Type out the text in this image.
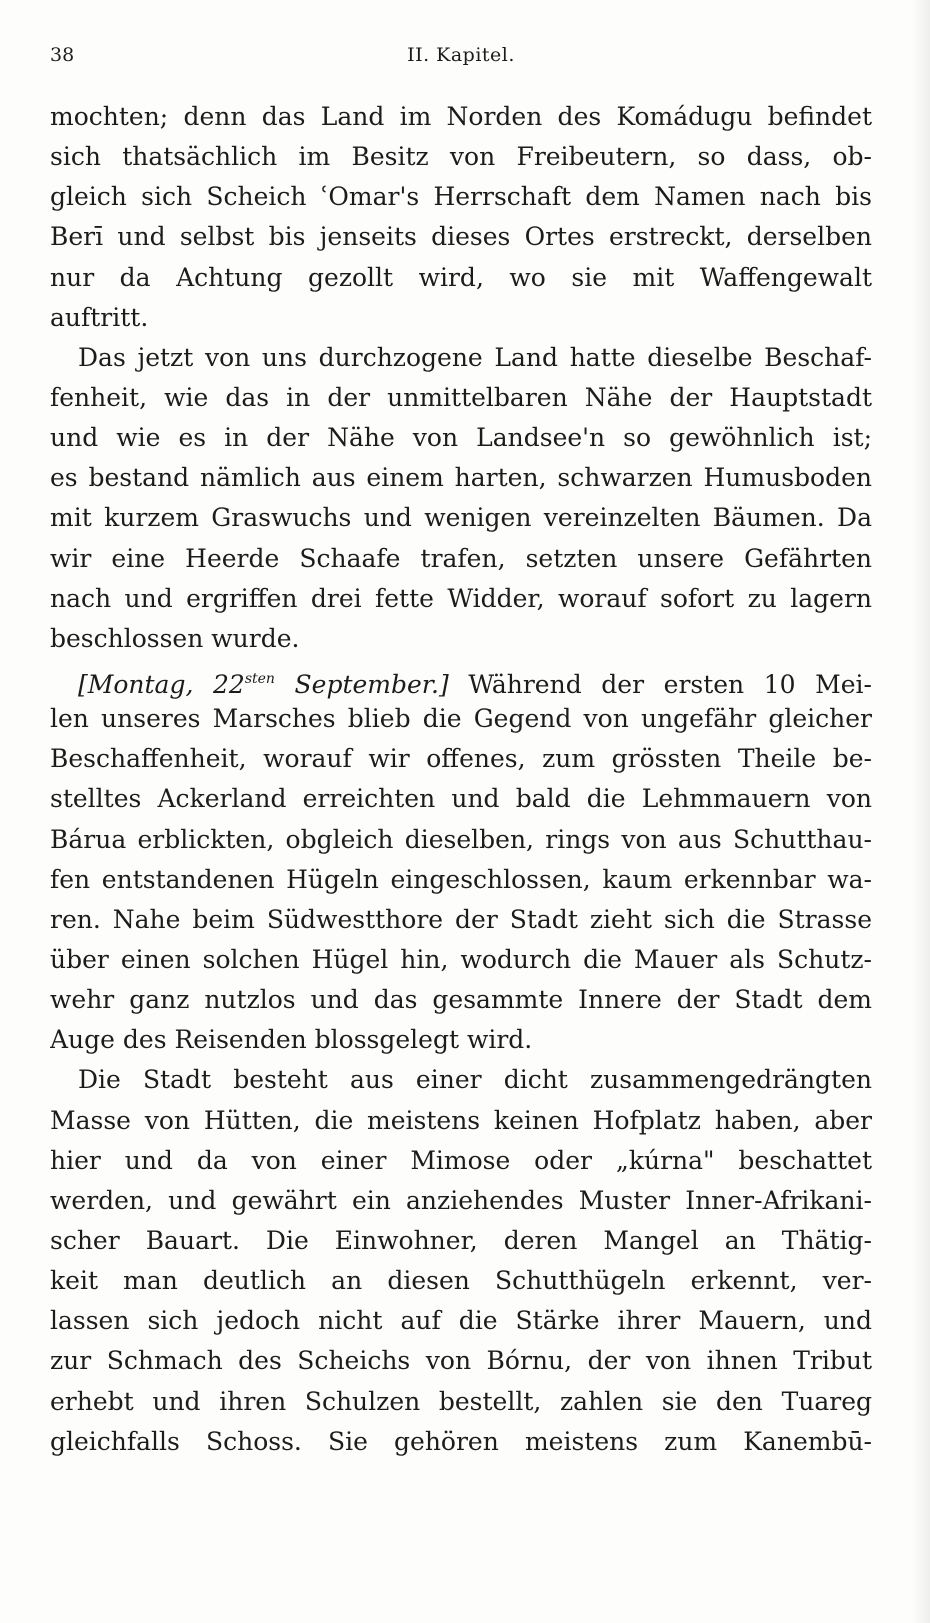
38	II. Kapitel.
mochten; denn das Land im Norden des Komádugu befindet
sich thatsächlich im Besitz von Freibeutern, so dass, ob-
gleich sich Scheich ʿOmar's Herrschaft dem Namen nach bis
Berī und selbst bis jenseits dieses Ortes erstreckt, derselben
nur da Achtung gezollt wird, wo sie mit Waffengewalt
auftritt.
Das jetzt von uns durchzogene Land hatte dieselbe Beschaf-
fenheit, wie das in der unmittelbaren Nähe der Hauptstadt
und wie es in der Nähe von Landsee'n so gewöhnlich ist;
es bestand nämlich aus einem harten, schwarzen Humusboden
mit kurzem Graswuchs und wenigen vereinzelten Bäumen. Da
wir eine Heerde Schaafe trafen, setzten unsere Gefährten
nach und ergriffen drei fette Widder, worauf sofort zu lagern
beschlossen wurde.
[Montag, $22^{sten}$ September.] Während der ersten 10 Mei-
len unseres Marsches blieb die Gegend von ungefähr gleicher
Beschaffenheit, worauf wir offenes, zum grössten Theile be-
stelltes Ackerland erreichten und bald die Lehmmauern von
Bárua erblickten, obgleich dieselben, rings von aus Schutthau-
fen entstandenen Hügeln eingeschlossen, kaum erkennbar wa-
ren. Nahe beim Südwestthore der Stadt zieht sich die Strasse
über einen solchen Hügel hin, wodurch die Mauer als Schutz-
wehr ganz nutzlos und das gesammte Innere der Stadt dem
Auge des Reisenden blossgelegt wird.
Die Stadt besteht aus einer dicht zusammengedrängten
Masse von Hütten, die meistens keinen Hofplatz haben, aber
hier und da von einer Mimose oder „kúrna" beschattet
werden, und gewährt ein anziehendes Muster Inner-Afrikani-
scher Bauart. Die Einwohner, deren Mangel an Thätig-
keit man deutlich an diesen Schutthügeln erkennt, ver-
lassen sich jedoch nicht auf die Stärke ihrer Mauern, und
zur Schmach des Scheichs von Bórnu, der von ihnen Tribut
erhebt und ihren Schulzen bestellt, zahlen sie den Tuareg
gleichfalls Schoss. Sie gehören meistens zum Kanembū-
